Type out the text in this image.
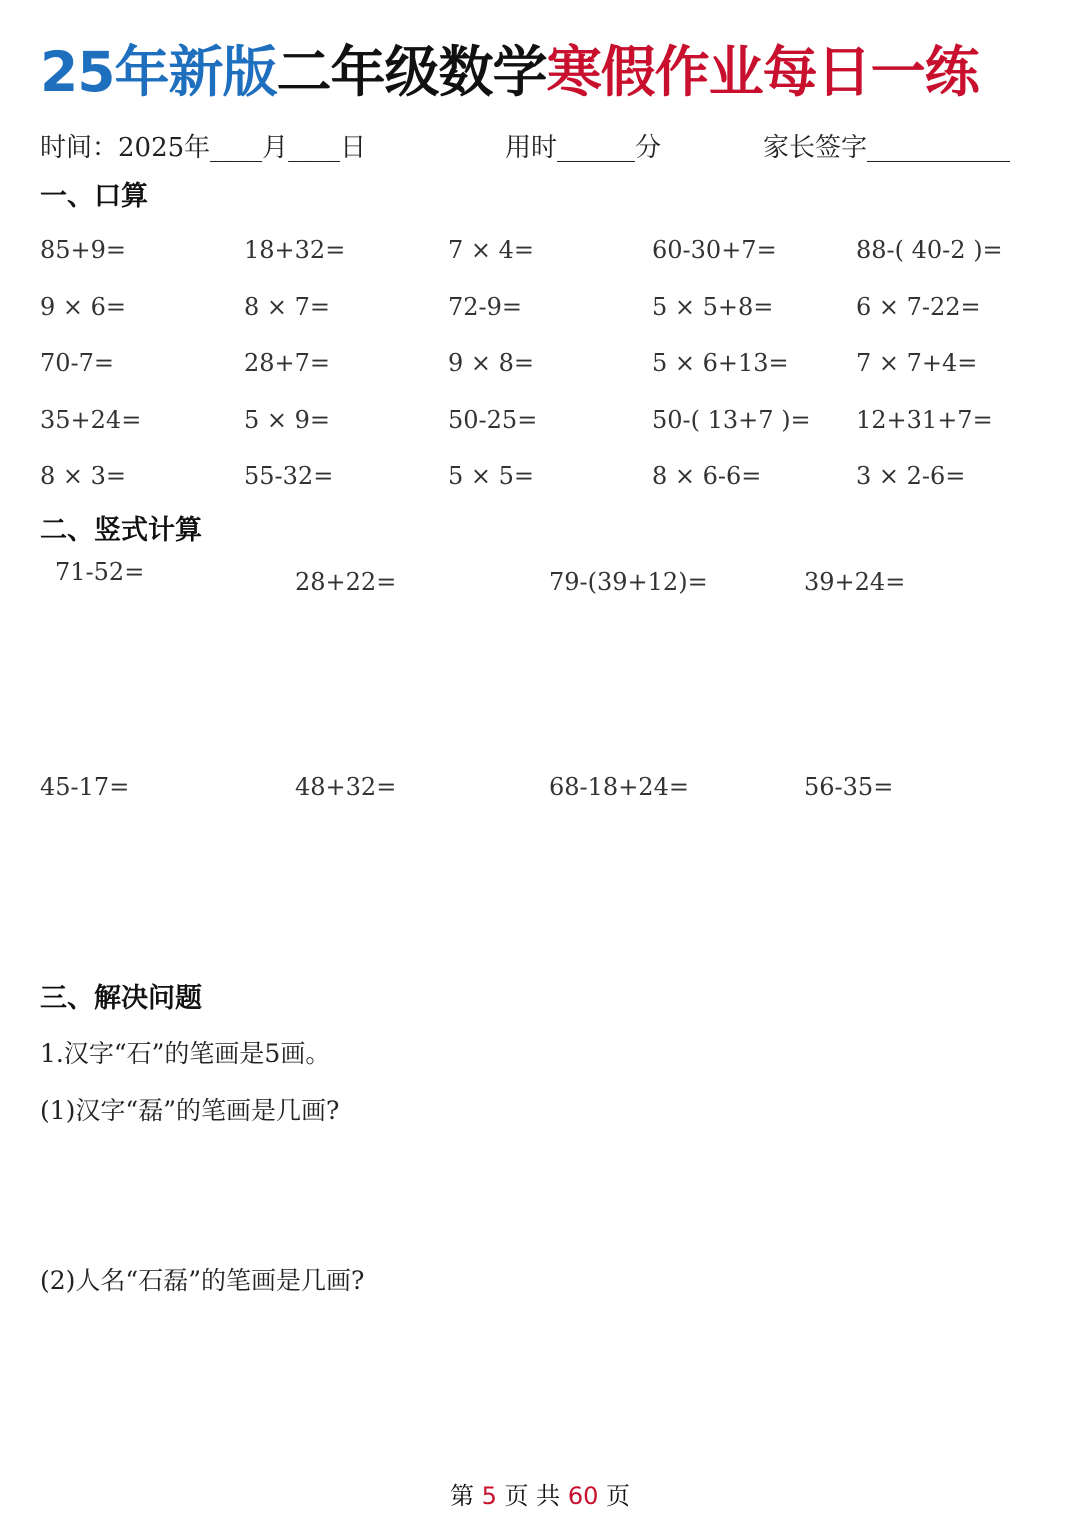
25年新版二年级数学寒假作业每日一练
时间：2025年____月____日	用时______分	家长签字___________
一、口算
85+9=	18+32=	7 × 4=	60-30+7=	88-( 40-2 )=
9 × 6=	8 × 7=	72-9=	5 × 5+8=	6 × 7-22=
70-7=	28+7=	9 × 8=	5 × 6+13=	7 × 7+4=
35+24=	5 × 9=	50-25=	50-( 13+7 )=	12+31+7=
8 × 3=	55-32=	5 × 5=	8 × 6-6=	3 × 2-6=
二、竖式计算
71-52=	28+22=	79-(39+12)=	39+24=
45-17=	48+32=	68-18+24=	56-35=
三、解决问题
1.汉字“石”的笔画是5画。
(1)汉字“磊”的笔画是几画?
(2)人名“石磊”的笔画是几画?
第 5 页 共 60 页
